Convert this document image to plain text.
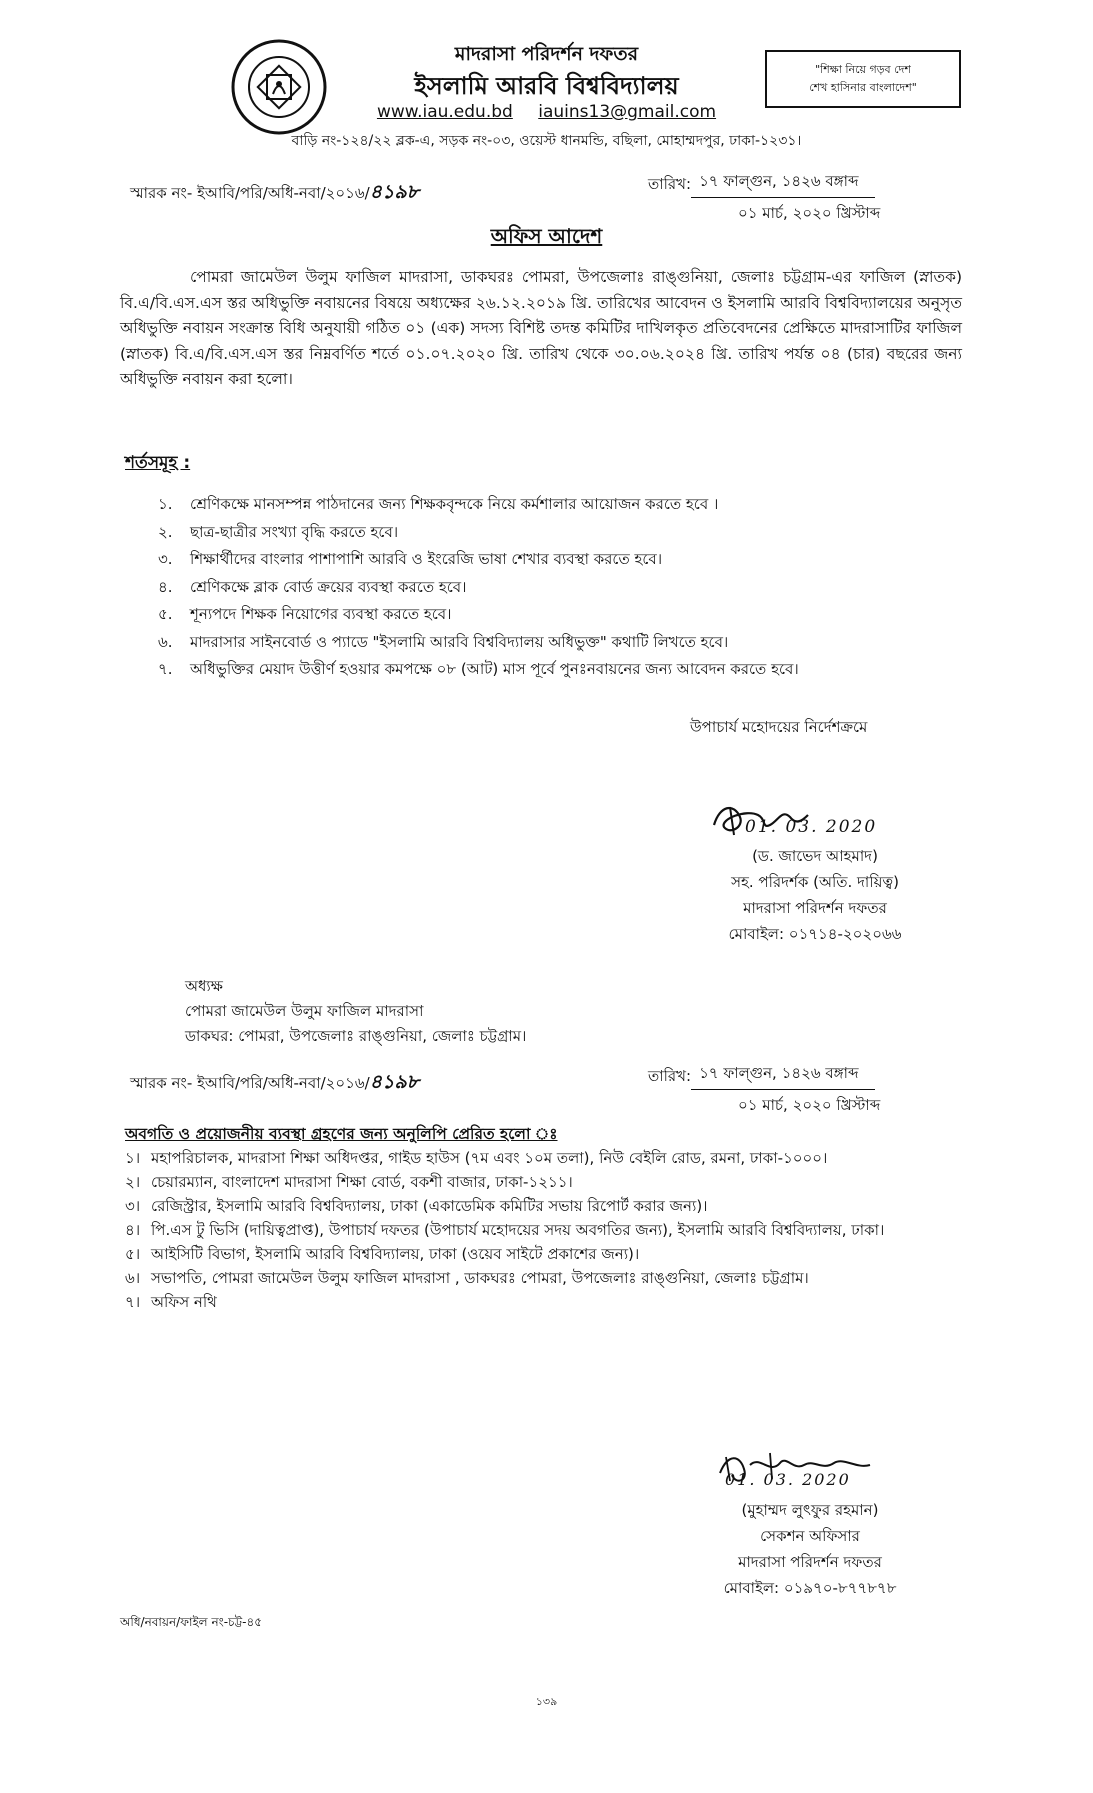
মাদরাসা পরিদর্শন দফতর
ইসলামি আরবি বিশ্ববিদ্যালয়
www.iau.edu.bd iauins13@gmail.com
বাড়ি নং-১২৪/২২ ব্লক-এ, সড়ক নং-০৩, ওয়েস্ট ধানমন্ডি, বছিলা, মোহাম্মদপুর, ঢাকা-১২৩১।
"শিক্ষা নিয়ে গড়ব দেশ
শেখ হাসিনার বাংলাদেশ"
স্মারক নং- ইআবি/পরি/অধি-নবা/২০১৬/৪১৯৮	তারিখ: ১৭ ফাল্গুন, ১৪২৬ বঙ্গাব্দ
০১ মার্চ, ২০২০ খ্রিস্টাব্দ
অফিস আদেশ
পোমরা জামেউল উলুম ফাজিল মাদরাসা, ডাকঘরঃ পোমরা, উপজেলাঃ রাঙ্গুনিয়া, জেলাঃ চট্টগ্রাম-এর ফাজিল (স্নাতক) বি.এ/বি.এস.এস স্তর অধিভুক্তি নবায়নের বিষয়ে অধ্যক্ষের ২৬.১২.২০১৯ খ্রি. তারিখের আবেদন ও ইসলামি আরবি বিশ্ববিদ্যালয়ের অনুসৃত অধিভুক্তি নবায়ন সংক্রান্ত বিধি অনুযায়ী গঠিত ০১ (এক) সদস্য বিশিষ্ট তদন্ত কমিটির দাখিলকৃত প্রতিবেদনের প্রেক্ষিতে মাদরাসাটির ফাজিল (স্নাতক) বি.এ/বি.এস.এস স্তর নিম্নবর্ণিত শর্তে ০১.০৭.২০২০ খ্রি. তারিখ থেকে ৩০.০৬.২০২৪ খ্রি. তারিখ পর্যন্ত ০৪ (চার) বছরের জন্য অধিভুক্তি নবায়ন করা হলো।
শর্তসমূহ :
১.	শ্রেণিকক্ষে মানসম্পন্ন পাঠদানের জন্য শিক্ষকবৃন্দকে নিয়ে কর্মশালার আয়োজন করতে হবে ।
২.	ছাত্র-ছাত্রীর সংখ্যা বৃদ্ধি করতে হবে।
৩.	শিক্ষার্থীদের বাংলার পাশাপাশি আরবি ও ইংরেজি ভাষা শেখার ব্যবস্থা করতে হবে।
৪.	শ্রেণিকক্ষে ব্লাক বোর্ড ক্রয়ের ব্যবস্থা করতে হবে।
৫.	শূন্যপদে শিক্ষক নিয়োগের ব্যবস্থা করতে হবে।
৬.	মাদরাসার সাইনবোর্ড ও প্যাডে "ইসলামি আরবি বিশ্ববিদ্যালয় অধিভুক্ত" কথাটি লিখতে হবে।
৭.	অধিভুক্তির মেয়াদ উত্তীর্ণ হওয়ার কমপক্ষে ০৮ (আট) মাস পূর্বে পুনঃনবায়নের জন্য আবেদন করতে হবে।
উপাচার্য মহোদয়ের নির্দেশক্রমে
01. 03. 2020
(ড. জাভেদ আহমাদ)
সহ. পরিদর্শক (অতি. দায়িত্ব)
মাদরাসা পরিদর্শন দফতর
মোবাইল: ০১৭১৪-২০২০৬৬
অধ্যক্ষ
পোমরা জামেউল উলুম ফাজিল মাদরাসা
ডাকঘর: পোমরা, উপজেলাঃ রাঙ্গুনিয়া, জেলাঃ চট্টগ্রাম।
স্মারক নং- ইআবি/পরি/অধি-নবা/২০১৬/৪১৯৮	তারিখ: ১৭ ফাল্গুন, ১৪২৬ বঙ্গাব্দ
০১ মার্চ, ২০২০ খ্রিস্টাব্দ
অবগতি ও প্রয়োজনীয় ব্যবস্থা গ্রহণের জন্য অনুলিপি প্রেরিত হলো ঃ
১। মহাপরিচালক, মাদরাসা শিক্ষা অধিদপ্তর, গাইড হাউস (৭ম এবং ১০ম তলা), নিউ বেইলি রোড, রমনা, ঢাকা-১০০০।
২। চেয়ারম্যান, বাংলাদেশ মাদরাসা শিক্ষা বোর্ড, বকশী বাজার, ঢাকা-১২১১।
৩। রেজিস্ট্রার, ইসলামি আরবি বিশ্ববিদ্যালয়, ঢাকা (একাডেমিক কমিটির সভায় রিপোর্ট করার জন্য)।
৪। পি.এস টু ভিসি (দায়িত্বপ্রাপ্ত), উপাচার্য দফতর (উপাচার্য মহোদয়ের সদয় অবগতির জন্য), ইসলামি আরবি বিশ্ববিদ্যালয়, ঢাকা।
৫। আইসিটি বিভাগ, ইসলামি আরবি বিশ্ববিদ্যালয়, ঢাকা (ওয়েব সাইটে প্রকাশের জন্য)।
৬। সভাপতি, পোমরা জামেউল উলুম ফাজিল মাদরাসা , ডাকঘরঃ পোমরা, উপজেলাঃ রাঙ্গুনিয়া, জেলাঃ চট্টগ্রাম।
৭। অফিস নথি
01. 03. 2020
(মুহাম্মদ লুৎফুর রহমান)
সেকশন অফিসার
মাদরাসা পরিদর্শন দফতর
মোবাইল: ০১৯৭০-৮৭৭৮৭৮
অধি/নবায়ন/ফাইল নং-চট্ট-৪৫
১৩৯
